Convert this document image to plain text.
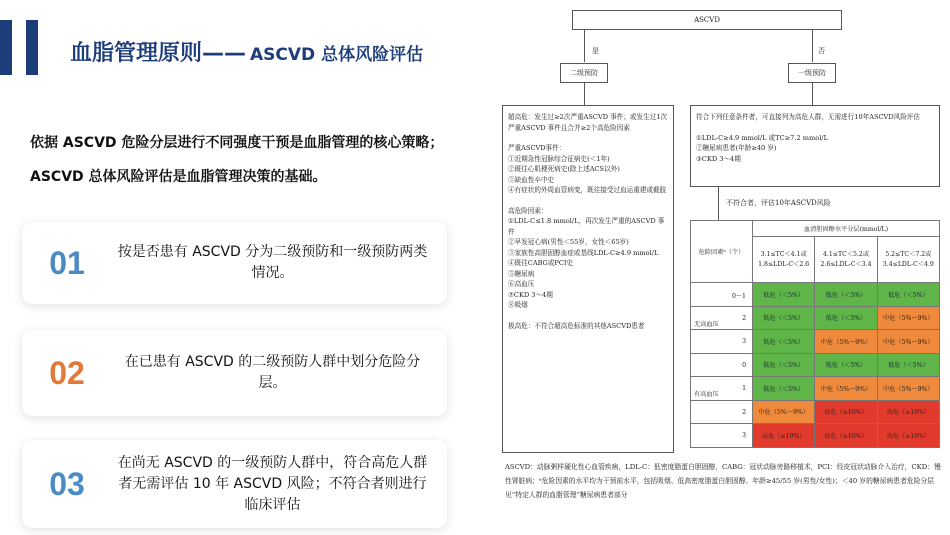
血脂管理原则—— ASCVD 总体风险评估
依据 ASCVD 危险分层进行不同强度干预是血脂管理的核心策略；
ASCVD 总体风险评估是血脂管理决策的基础。
01	按是否患有 ASCVD 分为二级预防和一级预防两类情况。
02	在已患有 ASCVD 的二级预防人群中划分危险分层。
03
在尚无 ASCVD 的一级预防人群中，符合高危人群者无需评估 10 年 ASCVD 风险；不符合者则进行临床评估
ASCVD
是	否
二级预防	一级预防
超高危：发生过≥2次严重ASCVD 事件；或发生过1次
严重ASCVD 事件且合并≥2个高危险因素
严重ASCVD事件：
①近期急性冠脉综合征病史(＜1年)
②既往心肌梗死病史(除上述ACS以外)
③缺血性卒中史
④有症状的外周血管病变，既往接受过血运重建或截肢
高危险因素：
①LDL-C≤1.8 mmol/L，再次发生严重的ASCVD 事件
②早发冠心病(男性＜55岁，女性＜65岁)
③家族性高胆固醇血症或基线LDL-C≥4.9 mmol/L
④既往CABG或PCI史
⑤糖尿病
⑥高血压
⑦CKD 3～4期
⑧吸烟
极高危：不符合超高危标准的其他ASCVD患者
符合下列任意条件者，可直接列为高危人群，无需进行10年ASCVD风险评估
①LDL-C≥4.9 mmol/L 或TC≥7.2 mmol/L
②糖尿病患者(年龄≥40 岁)
③CKD 3～4期
不符合者，评估10年ASCVD风险
危险因素ᵃ（个）	血清胆固醇水平分层(mmol/L)		
	3.1≤TC＜4.1或1.8≤LDL-C＜2.6	4.1≤TC＜5.2或2.6≤LDL-C＜3.4	5.2≤TC＜7.2或3.4≤LDL-C＜4.9

0～1	低危（＜5%）	低危（＜5%）	低危（＜5%）

无高血压
2	低危（＜5%）	低危（＜5%）	中危（5%～9%）

3	低危（＜5%）	中危（5%～9%）	中危（5%～9%）

0	低危（＜5%）	低危（＜5%）	低危（＜5%）

有高血压
1	低危（＜5%）	中危（5%～9%）	中危（5%～9%）

2	中危（5%～9%）	高危（≥10%）	高危（≥10%）

3	高危（≥10%）	高危（≥10%）	高危（≥10%）
ASCVD：动脉粥样硬化性心血管疾病，LDL-C：低密度脂蛋白胆固醇，CABG：冠状动脉旁路移植术，PCI：经皮冠状动脉介入治疗，CKD：慢性肾脏病；ᵃ危险因素的水平均为干预前水平，包括吸烟、低高密度脂蛋白胆固醇、年龄≥45/55 岁(男性/女性)；＜40 岁的糖尿病患者危险分层见“特定人群的血脂管理”糖尿病患者部分
